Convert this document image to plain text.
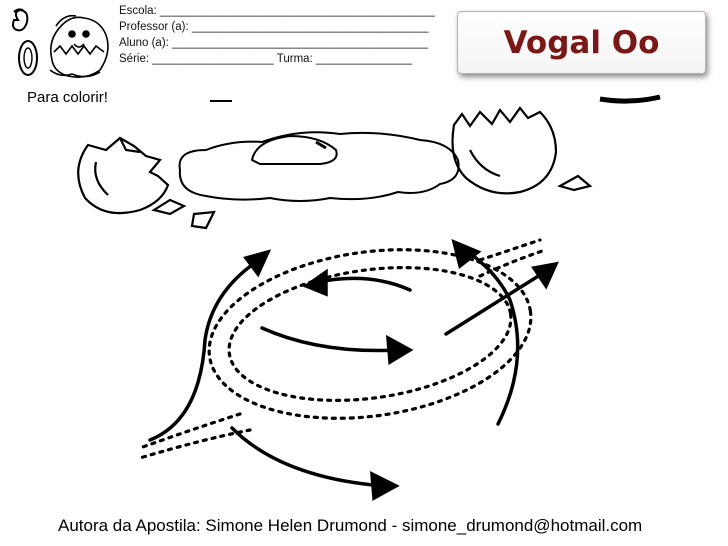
Escola: ___________________________________________
Professor (a): _____________________________________
Aluno (a): ________________________________________
Série: ___________________ Turma: _______________	Vogal Oo
Para colorir!
Autora da Apostila: Simone Helen Drumond - simone_drumond@hotmail.com
